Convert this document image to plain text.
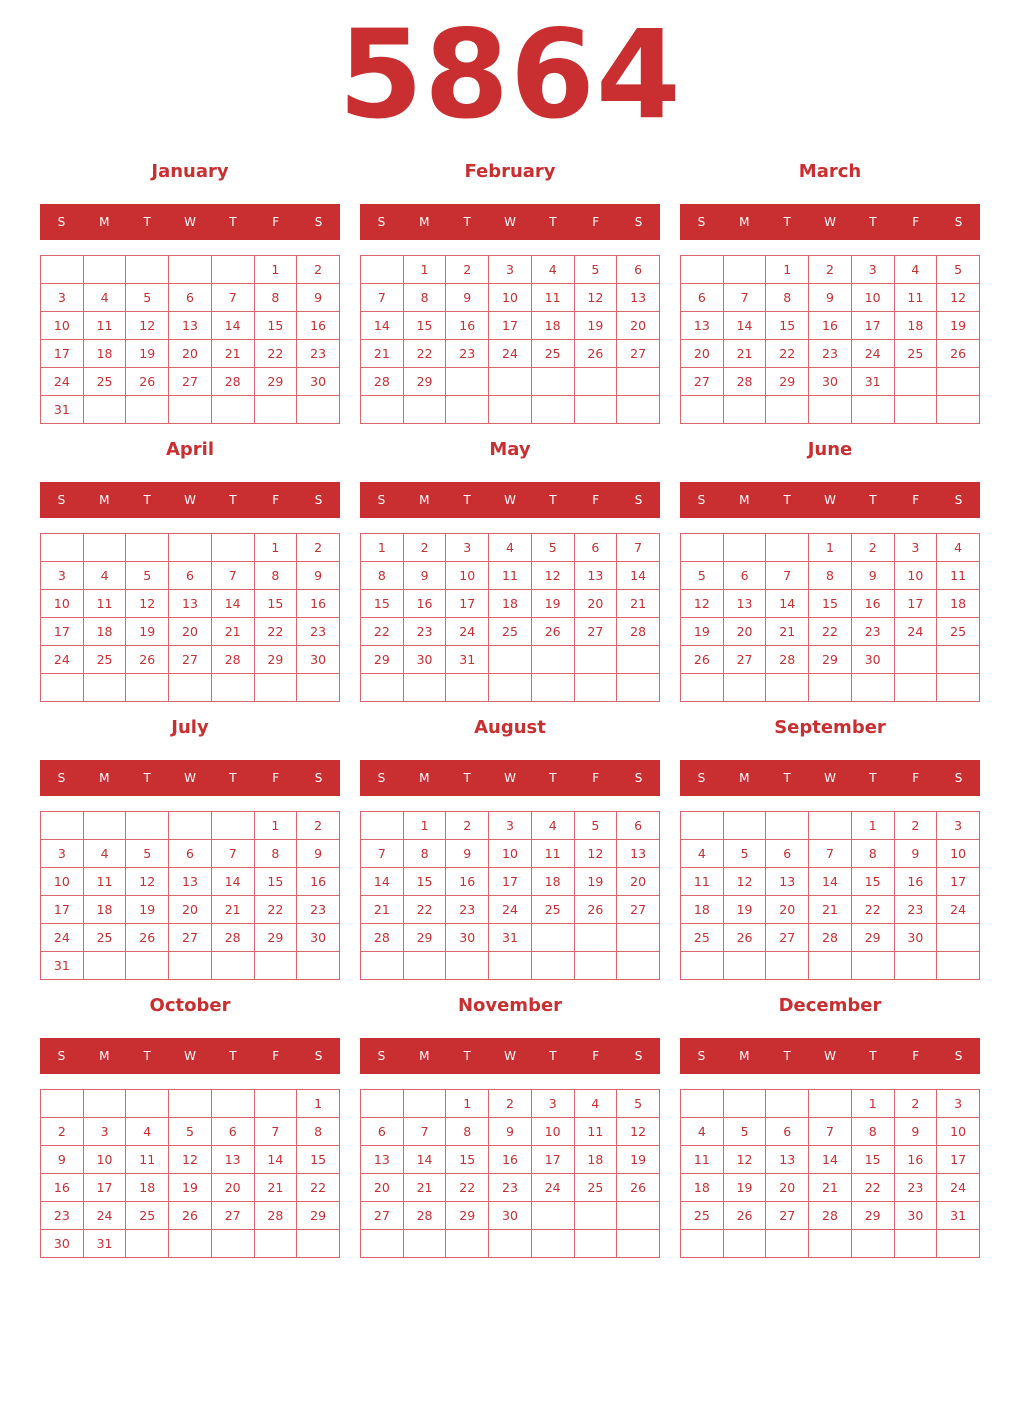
5864
January
S	M	T	W	T	F	S
					1	2
3	4	5	6	7	8	9
10	11	12	13	14	15	16
17	18	19	20	21	22	23
24	25	26	27	28	29	30
31						
February
S	M	T	W	T	F	S
	1	2	3	4	5	6
7	8	9	10	11	12	13
14	15	16	17	18	19	20
21	22	23	24	25	26	27
28	29					

March
S	M	T	W	T	F	S
		1	2	3	4	5
6	7	8	9	10	11	12
13	14	15	16	17	18	19
20	21	22	23	24	25	26
27	28	29	30	31		

April
S	M	T	W	T	F	S
					1	2
3	4	5	6	7	8	9
10	11	12	13	14	15	16
17	18	19	20	21	22	23
24	25	26	27	28	29	30

May
S	M	T	W	T	F	S
1	2	3	4	5	6	7
8	9	10	11	12	13	14
15	16	17	18	19	20	21
22	23	24	25	26	27	28
29	30	31				

June
S	M	T	W	T	F	S
			1	2	3	4
5	6	7	8	9	10	11
12	13	14	15	16	17	18
19	20	21	22	23	24	25
26	27	28	29	30		

July
S	M	T	W	T	F	S
					1	2
3	4	5	6	7	8	9
10	11	12	13	14	15	16
17	18	19	20	21	22	23
24	25	26	27	28	29	30
31						
August
S	M	T	W	T	F	S
	1	2	3	4	5	6
7	8	9	10	11	12	13
14	15	16	17	18	19	20
21	22	23	24	25	26	27
28	29	30	31			

September
S	M	T	W	T	F	S
				1	2	3
4	5	6	7	8	9	10
11	12	13	14	15	16	17
18	19	20	21	22	23	24
25	26	27	28	29	30	

October
S	M	T	W	T	F	S
						1
2	3	4	5	6	7	8
9	10	11	12	13	14	15
16	17	18	19	20	21	22
23	24	25	26	27	28	29
30	31					
November
S	M	T	W	T	F	S
		1	2	3	4	5
6	7	8	9	10	11	12
13	14	15	16	17	18	19
20	21	22	23	24	25	26
27	28	29	30			

December
S	M	T	W	T	F	S
				1	2	3
4	5	6	7	8	9	10
11	12	13	14	15	16	17
18	19	20	21	22	23	24
25	26	27	28	29	30	31
